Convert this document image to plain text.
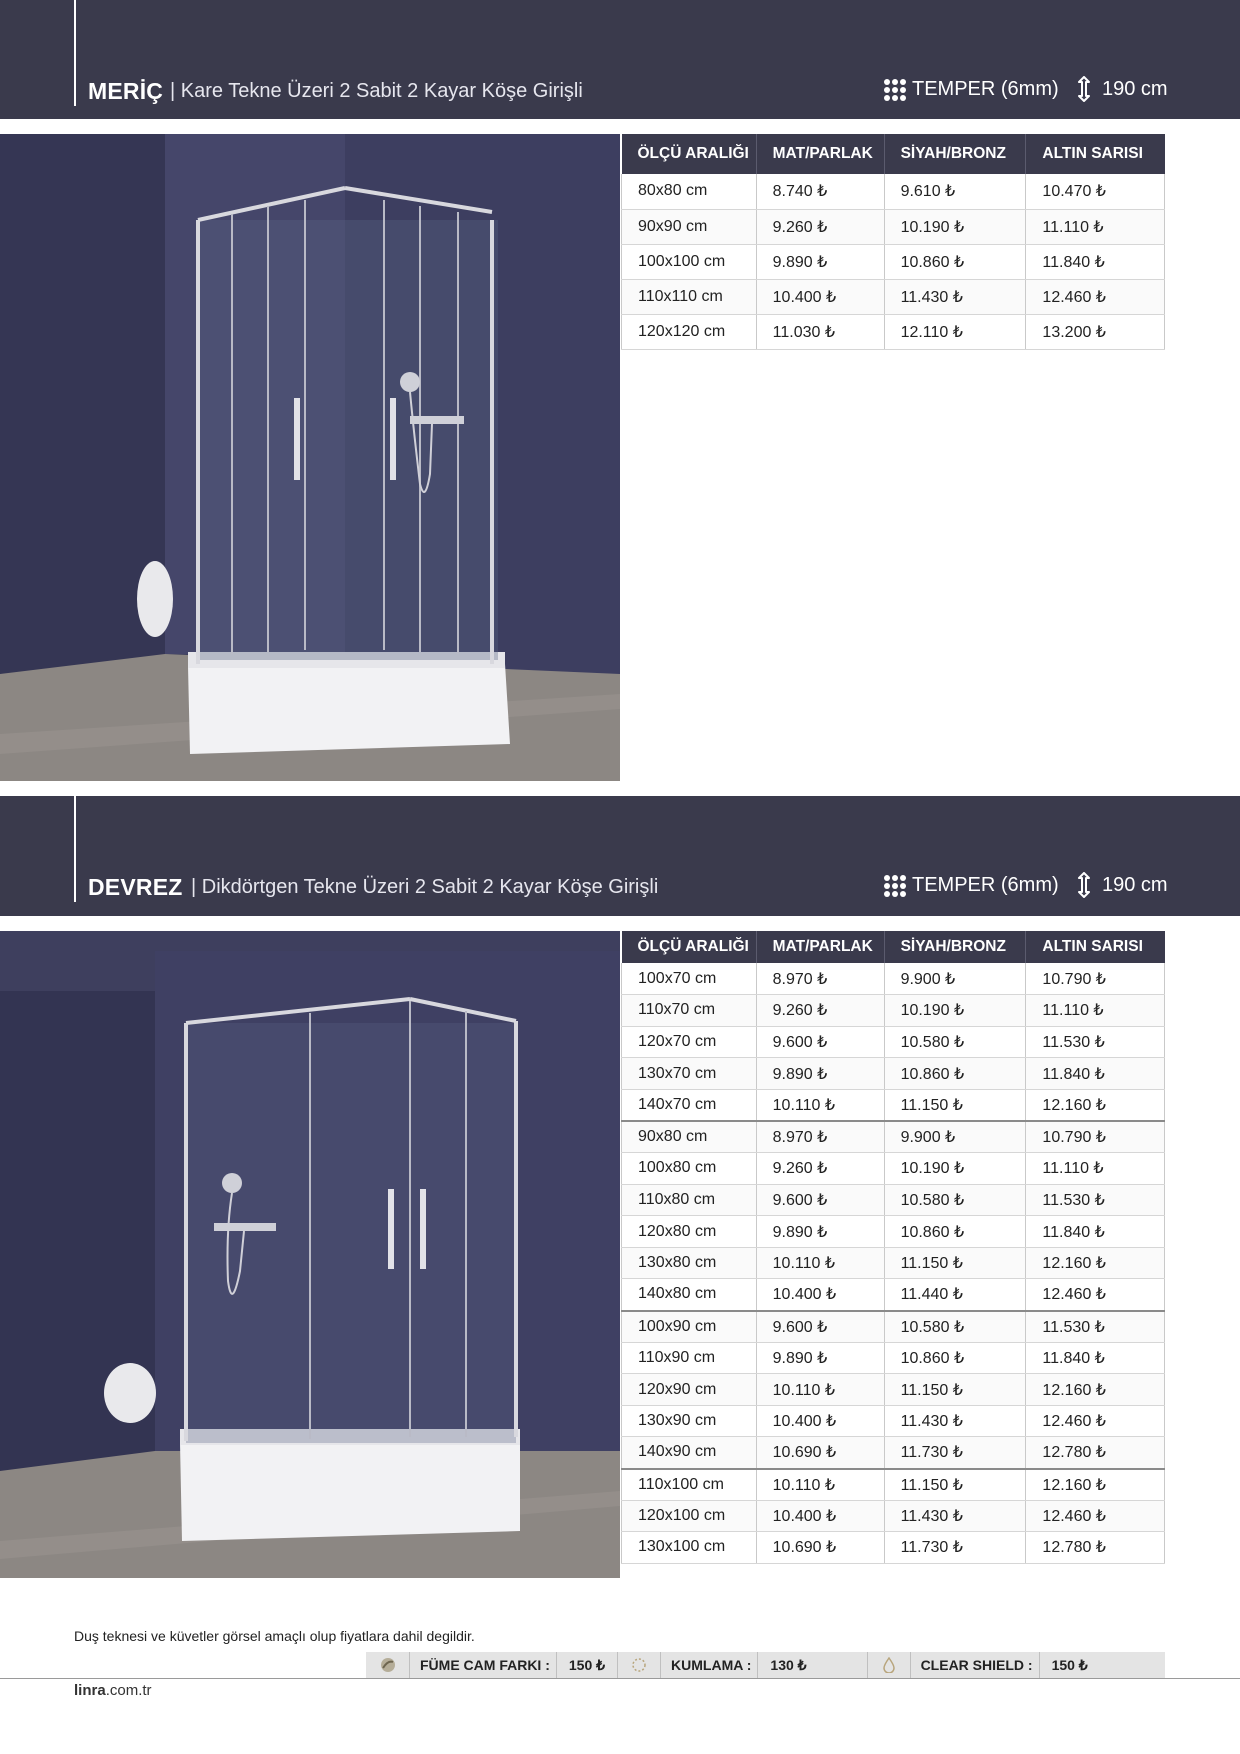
MERİÇ | Kare Tekne Üzeri 2 Sabit 2 Kayar Köşe Girişli	TEMPER (6mm) 190 cm
ÖLÇÜ ARALIĞI	MAT/PARLAK	SİYAH/BRONZ	ALTIN SARISI
80x80 cm	8.740 ₺	9.610 ₺	10.470 ₺
90x90 cm	9.260 ₺	10.190 ₺	11.110 ₺
100x100 cm	9.890 ₺	10.860 ₺	11.840 ₺
110x110 cm	10.400 ₺	11.430 ₺	12.460 ₺
120x120 cm	11.030 ₺	12.110 ₺	13.200 ₺
DEVREZ | Dikdörtgen Tekne Üzeri 2 Sabit 2 Kayar Köşe Girişli	TEMPER (6mm) 190 cm
ÖLÇÜ ARALIĞI	MAT/PARLAK	SİYAH/BRONZ	ALTIN SARISI
100x70 cm	8.970 ₺	9.900 ₺	10.790 ₺
110x70 cm	9.260 ₺	10.190 ₺	11.110 ₺
120x70 cm	9.600 ₺	10.580 ₺	11.530 ₺
130x70 cm	9.890 ₺	10.860 ₺	11.840 ₺
140x70 cm	10.110 ₺	11.150 ₺	12.160 ₺
90x80 cm	8.970 ₺	9.900 ₺	10.790 ₺
100x80 cm	9.260 ₺	10.190 ₺	11.110 ₺
110x80 cm	9.600 ₺	10.580 ₺	11.530 ₺
120x80 cm	9.890 ₺	10.860 ₺	11.840 ₺
130x80 cm	10.110 ₺	11.150 ₺	12.160 ₺
140x80 cm	10.400 ₺	11.440 ₺	12.460 ₺
100x90 cm	9.600 ₺	10.580 ₺	11.530 ₺
110x90 cm	9.890 ₺	10.860 ₺	11.840 ₺
120x90 cm	10.110 ₺	11.150 ₺	12.160 ₺
130x90 cm	10.400 ₺	11.430 ₺	12.460 ₺
140x90 cm	10.690 ₺	11.730 ₺	12.780 ₺
110x100 cm	10.110 ₺	11.150 ₺	12.160 ₺
120x100 cm	10.400 ₺	11.430 ₺	12.460 ₺
130x100 cm	10.690 ₺	11.730 ₺	12.780 ₺
Duş teknesi ve küvetler görsel amaçlı olup fiyatlara dahil degildir.
FÜME CAM FARKI :	150 ₺	KUMLAMA :	130 ₺	CLEAR SHIELD :	150 ₺
linra.com.tr
